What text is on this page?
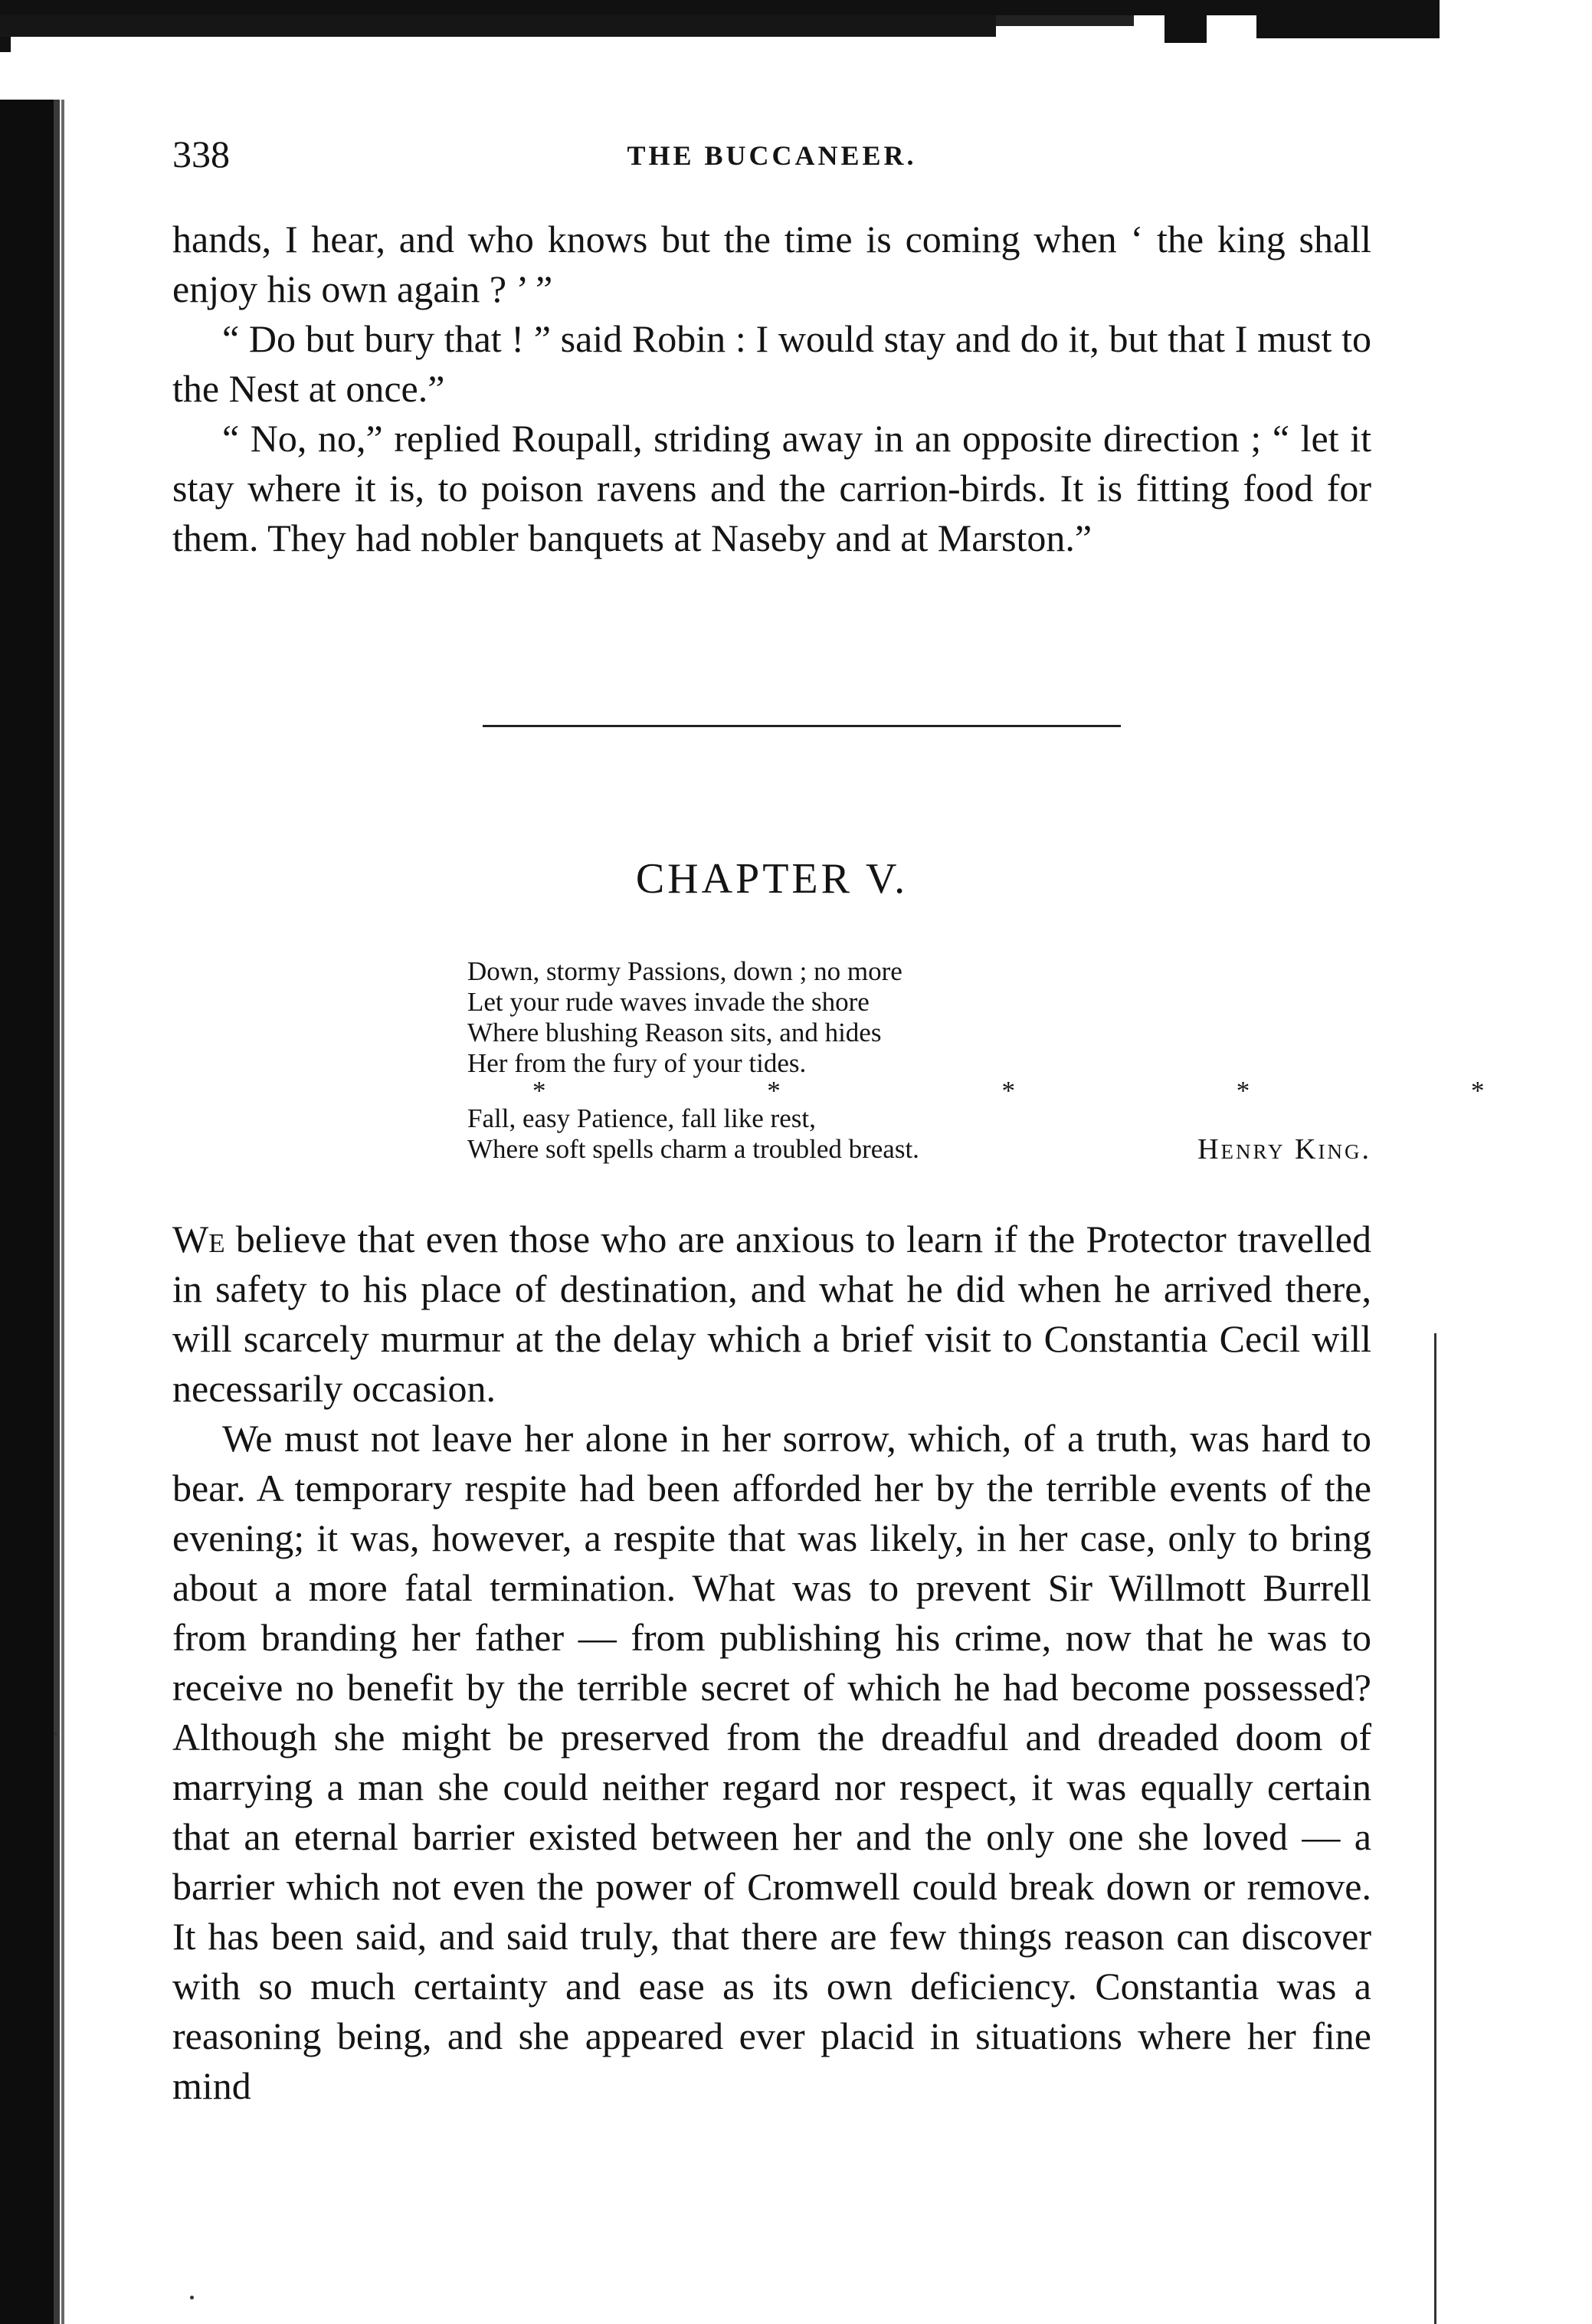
338	THE BUCCANEER.

hands, I hear, and who knows but the time is coming when ‘ the king shall enjoy his own again ? ’ ”

“ Do but bury that ! ” said Robin : I would stay and do it, but that I must to the Nest at once.”

“ No, no,” replied Roupall, striding away in an opposite direction ; “ let it stay where it is, to poison ravens and the carrion-birds. It is fitting food for them. They had nobler banquets at Naseby and at Marston.”

CHAPTER V.
Down, stormy Passions, down ; no more
Let your rude waves invade the shore
Where blushing Reason sits, and hides
Her from the fury of your tides.
* * * * *
Fall, easy Patience, fall like rest,
Where soft spells charm a troubled breast.	Henry King.

We believe that even those who are anxious to learn if the Protector travelled in safety to his place of destination, and what he did when he arrived there, will scarcely murmur at the delay which a brief visit to Constantia Cecil will necessarily occasion.

We must not leave her alone in her sorrow, which, of a truth, was hard to bear. A temporary respite had been afforded her by the terrible events of the evening; it was, however, a respite that was likely, in her case, only to bring about a more fatal termination. What was to prevent Sir Willmott Burrell from branding her father — from publishing his crime, now that he was to receive no benefit by the terrible secret of which he had become possessed? Although she might be preserved from the dreadful and dreaded doom of marrying a man she could neither regard nor respect, it was equally certain that an eternal barrier existed between her and the only one she loved — a barrier which not even the power of Cromwell could break down or remove. It has been said, and said truly, that there are few things reason can discover with so much certainty and ease as its own deficiency. Constantia was a reasoning being, and she appeared ever placid in situations where her fine mind
